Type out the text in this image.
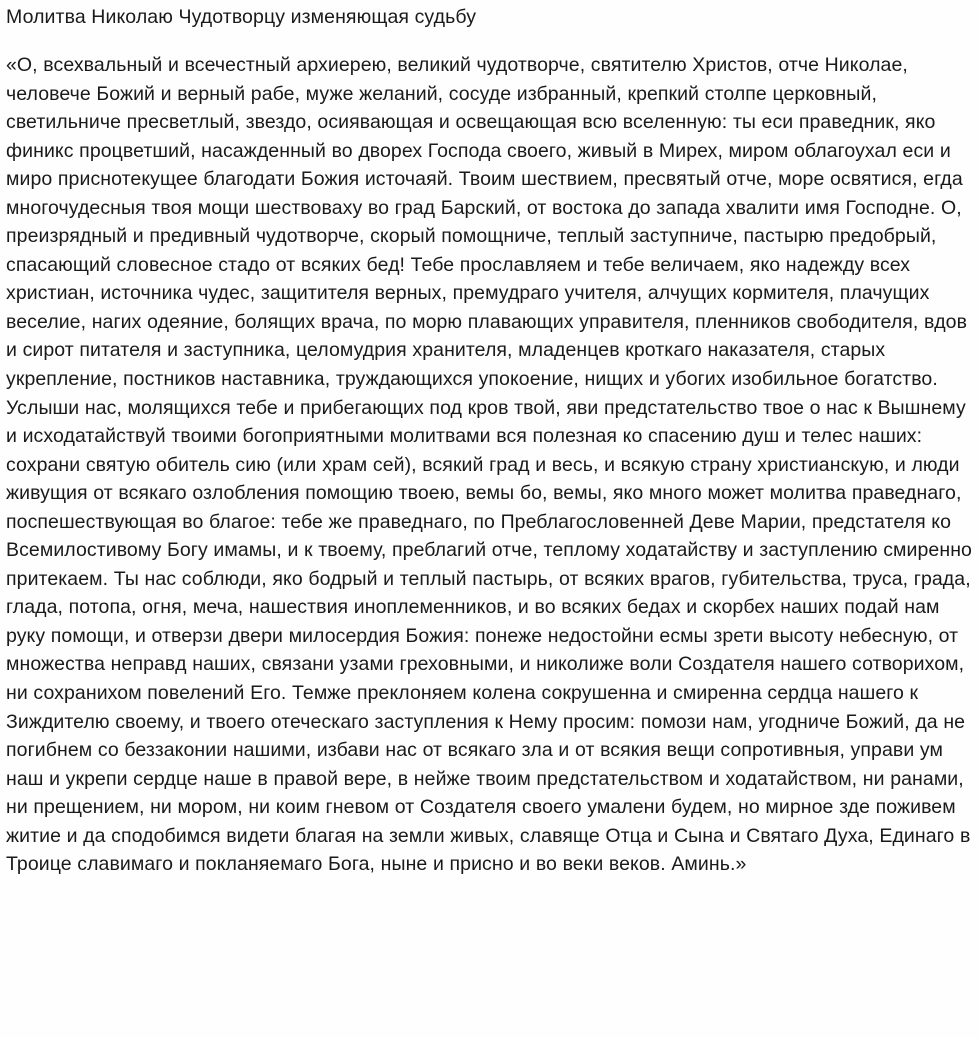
Молитва Николаю Чудотворцу изменяющая судьбу

«О, всехвальный и всечестный архиерею, великий чудотворче, святителю Христов, отче Николае, человече Божий и верный рабе, муже желаний, сосуде избранный, крепкий столпе церковный, светильниче пресветлый, звездо, осиявающая и освещающая всю вселенную: ты еси праведник, яко финикс процветший, насажденный во дворех Господа своего, живый в Мирех, миром облагоухал еси и миро приснотекущее благодати Божия источаяй. Твоим шествием, пресвятый отче, море освятися, егда многочудесныя твоя мощи шествоваху во град Барский, от востока до запада хвалити имя Господне. О, преизрядный и предивный чудотворче, скорый помощниче, теплый заступниче, пастырю предобрый, спасающий словесное стадо от всяких бед! Тебе прославляем и тебе величаем, яко надежду всех христиан, источника чудес, защитителя верных, премудраго учителя, алчущих кормителя, плачущих веселие, нагих одеяние, болящих врача, по морю плавающих управителя, пленников свободителя, вдов и сирот питателя и заступника, целомудрия хранителя, младенцев кроткаго наказателя, старых укрепление, постников наставника, труждающихся упокоение, нищих и убогих изобильное богатство. Услыши нас, молящихся тебе и прибегающих под кров твой, яви предстательство твое о нас к Вышнему и исходатайствуй твоими богоприятными молитвами вся полезная ко спасению душ и телес наших: сохрани святую обитель сию (или храм сей), всякий град и весь, и всякую страну христианскую, и люди живущия от всякаго озлобления помощию твоею, вемы бо, вемы, яко много может молитва праведнаго, поспешествующая во благое: тебе же праведнаго, по Преблагословенней Деве Марии, предстателя ко Всемилостивому Богу имамы, и к твоему, преблагий отче, теплому ходатайству и заступлению смиренно притекаем. Ты нас соблюди, яко бодрый и теплый пастырь, от всяких врагов, губительства, труса, града, глада, потопа, огня, меча, нашествия иноплеменников, и во всяких бедах и скорбех наших подай нам руку помощи, и отверзи двери милосердия Божия: понеже недостойни есмы зрети высоту небесную, от множества неправд наших, связани узами греховными, и николиже воли Создателя нашего сотворихом, ни сохранихом повелений Его. Темже преклоняем колена сокрушенна и смиренна сердца нашего к Зиждителю своему, и твоего отеческаго заступления к Нему просим: помози нам, угодниче Божий, да не погибнем со беззаконии нашими, избави нас от всякаго зла и от всякия вещи сопротивныя, управи ум наш и укрепи сердце наше в правой вере, в нейже твоим предстательством и ходатайством, ни ранами, ни прещением, ни мором, ни коим гневом от Создателя своего умалени будем, но мирное зде поживем житие и да сподобимся видети благая на земли живых, славяще Отца и Сына и Святаго Духа, Единаго в Троице славимаго и покланяемаго Бога, ныне и присно и во веки веков. Аминь.»
